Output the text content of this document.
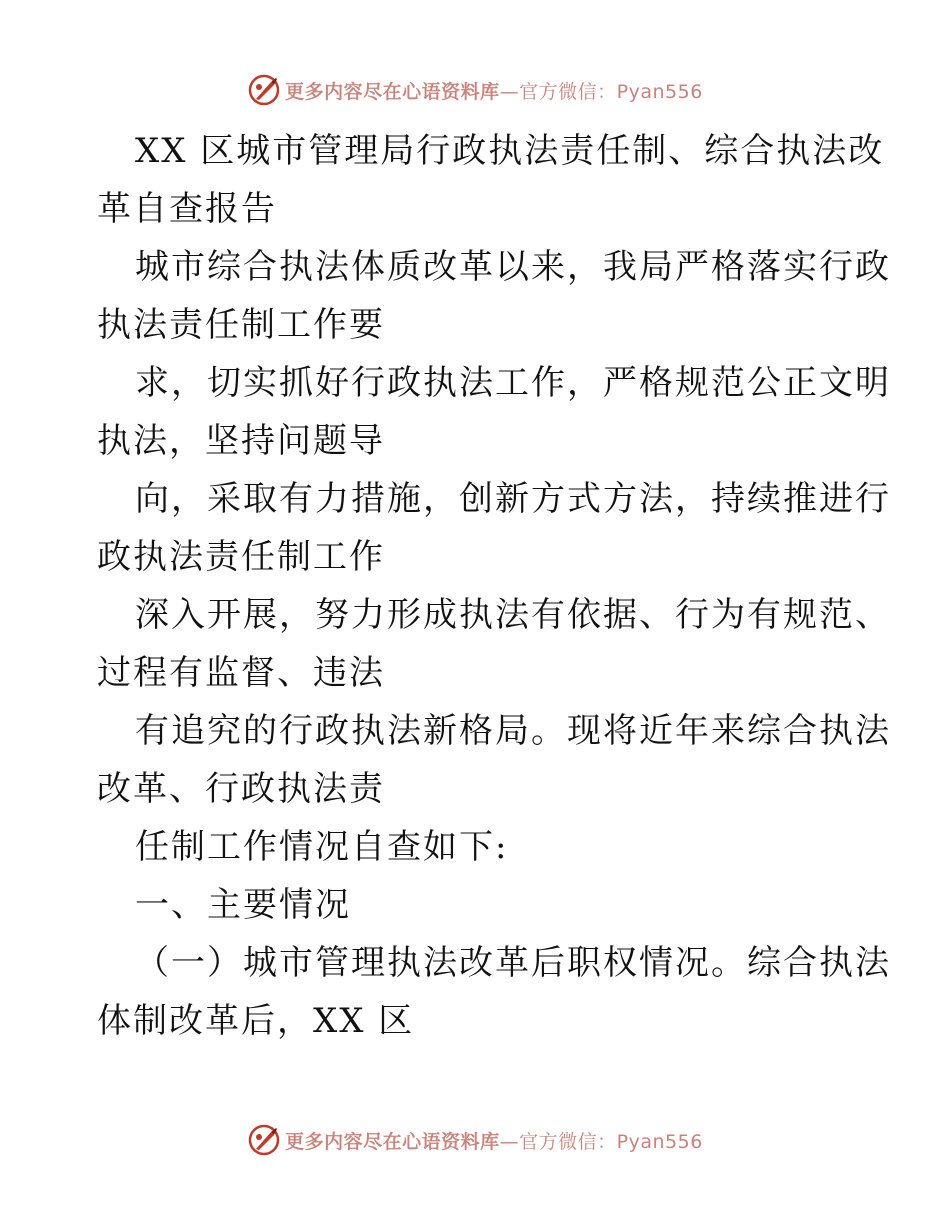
更多内容尽在心语资料库—官方微信：Pyan556
XX 区城市管理局行政执法责任制、综合执法改
革自查报告
城市综合执法体质改革以来，我局严格落实行政
执法责任制工作要
求，切实抓好行政执法工作，严格规范公正文明
执法，坚持问题导
向，采取有力措施，创新方式方法，持续推进行
政执法责任制工作
深入开展，努力形成执法有依据、行为有规范、
过程有监督、违法
有追究的行政执法新格局。现将近年来综合执法
改革、行政执法责
任制工作情况自查如下:
一、主要情况
（一）城市管理执法改革后职权情况。综合执法
体制改革后，XX 区
更多内容尽在心语资料库—官方微信：Pyan556
